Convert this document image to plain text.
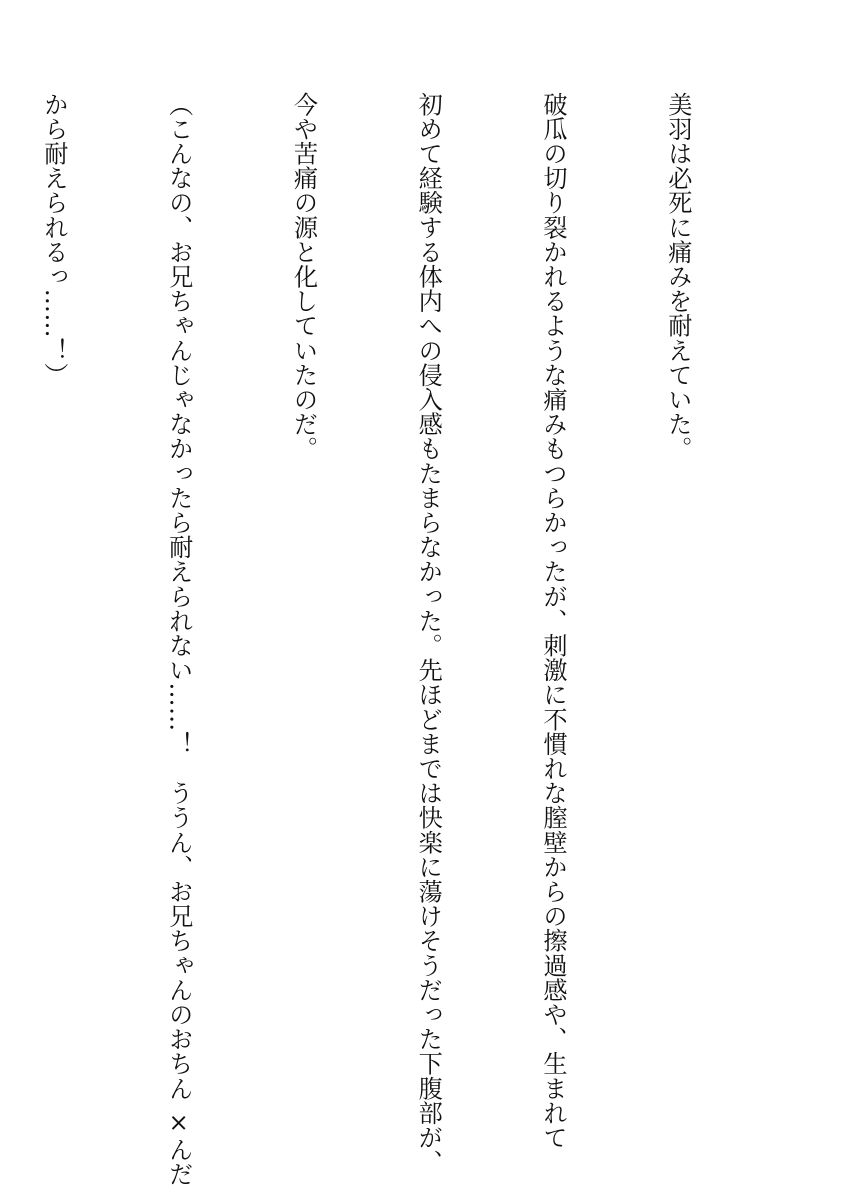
美羽は必死に痛みを耐えていた。

破瓜の切り裂かれるような痛みもつらかったが、刺激に不慣れな膣壁からの擦過感や、生まれて

初めて経験する体内への侵入感もたまらなかった。先ほどまでは快楽に蕩けそうだった下腹部が、

今や苦痛の源と化していたのだ。

（こんなの、お兄ちゃんじゃなかったら耐えられない……！　ううん、お兄ちゃんのおちん ×んだ

から耐えられるっ……！）
